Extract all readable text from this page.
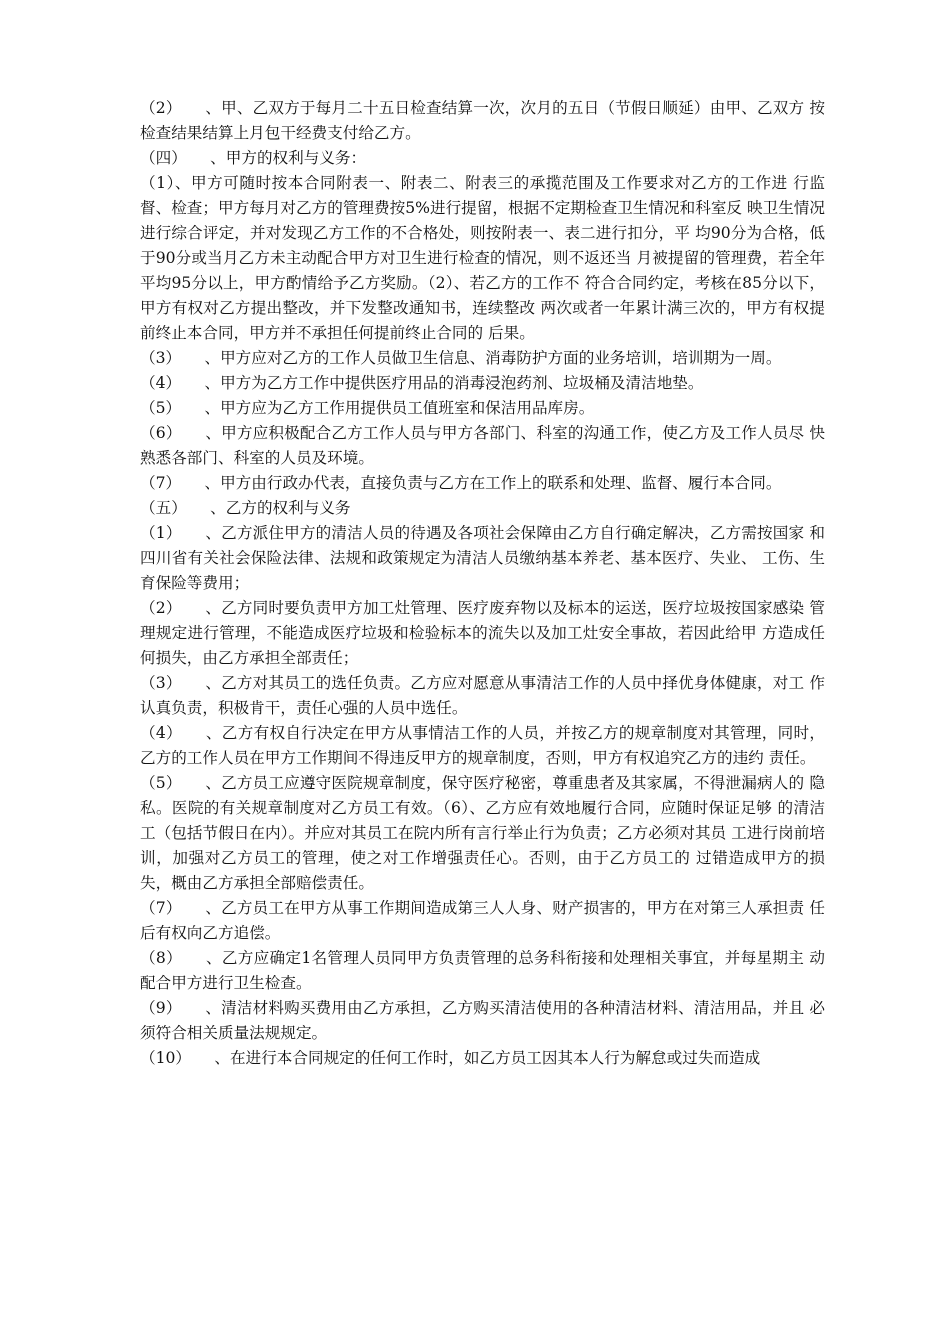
（2）　　、甲、乙双方于每月二十五日检查结算一次，次月的五日（节假日顺延）由甲、乙双方 按检查结果结算上月包干经费支付给乙方。

（四）　　、甲方的权利与义务：

（1）、甲方可随时按本合同附表一、附表二、附表三的承揽范围及工作要求对乙方的工作进 行监督、检查；甲方每月对乙方的管理费按5%进行提留，根据不定期检查卫生情况和科室反 映卫生情况进行综合评定，并对发现乙方工作的不合格处，则按附表一、表二进行扣分，平 均90分为合格，低于90分或当月乙方未主动配合甲方对卫生进行检查的情况，则不返还当 月被提留的管理费，若全年平均95分以上，甲方酌情给予乙方奖励。（2）、若乙方的工作不 符合合同约定，考核在85分以下，甲方有权对乙方提出整改，并下发整改通知书，连续整改 两次或者一年累计满三次的，甲方有权提前终止本合同，甲方并不承担任何提前终止合同的 后果。

（3）　　、甲方应对乙方的工作人员做卫生信息、消毒防护方面的业务培训，培训期为一周。

（4）　　、甲方为乙方工作中提供医疗用品的消毒浸泡药剂、垃圾桶及清洁地垫。

（5）　　、甲方应为乙方工作用提供员工值班室和保洁用品库房。

（6）　　、甲方应积极配合乙方工作人员与甲方各部门、科室的沟通工作，使乙方及工作人员尽 快熟悉各部门、科室的人员及环境。

（7）　　、甲方由行政办代表，直接负责与乙方在工作上的联系和处理、监督、履行本合同。

（五）　　、乙方的权利与义务

（1）　　、乙方派住甲方的清洁人员的待遇及各项社会保障由乙方自行确定解决，乙方需按国家 和四川省有关社会保险法律、法规和政策规定为清洁人员缴纳基本养老、基本医疗、失业、 工伤、生育保险等费用；

（2）　　、乙方同时要负责甲方加工灶管理、医疗废弃物以及标本的运送，医疗垃圾按国家感染 管理规定进行管理，不能造成医疗垃圾和检验标本的流失以及加工灶安全事故，若因此给甲 方造成任何损失，由乙方承担全部责任；

（3）　　、乙方对其员工的选任负责。乙方应对愿意从事清洁工作的人员中择优身体健康，对工 作认真负责，积极肯干，责任心强的人员中选任。

（4）　　、乙方有权自行决定在甲方从事情洁工作的人员，并按乙方的规章制度对其管理，同时， 乙方的工作人员在甲方工作期间不得违反甲方的规章制度，否则，甲方有权追究乙方的违约 责任。

（5）　　、乙方员工应遵守医院规章制度，保守医疗秘密，尊重患者及其家属，不得泄漏病人的 隐私。医院的有关规章制度对乙方员工有效。（6）、乙方应有效地履行合同，应随时保证足够 的清洁工（包括节假日在内）。并应对其员工在院内所有言行举止行为负责；乙方必须对其员 工进行岗前培训，加强对乙方员工的管理，使之对工作增强责任心。否则，由于乙方员工的 过错造成甲方的损失，概由乙方承担全部赔偿责任。

（7）　　、乙方员工在甲方从事工作期间造成第三人人身、财产损害的，甲方在对第三人承担责 任后有权向乙方追偿。

（8）　　、乙方应确定1名管理人员同甲方负责管理的总务科衔接和处理相关事宜，并每星期主 动配合甲方进行卫生检查。

（9）　　、清洁材料购买费用由乙方承担，乙方购买清洁使用的各种清洁材料、清洁用品，并且 必须符合相关质量法规规定。

（10）　　、在进行本合同规定的任何工作时，如乙方员工因其本人行为解怠或过失而造成
